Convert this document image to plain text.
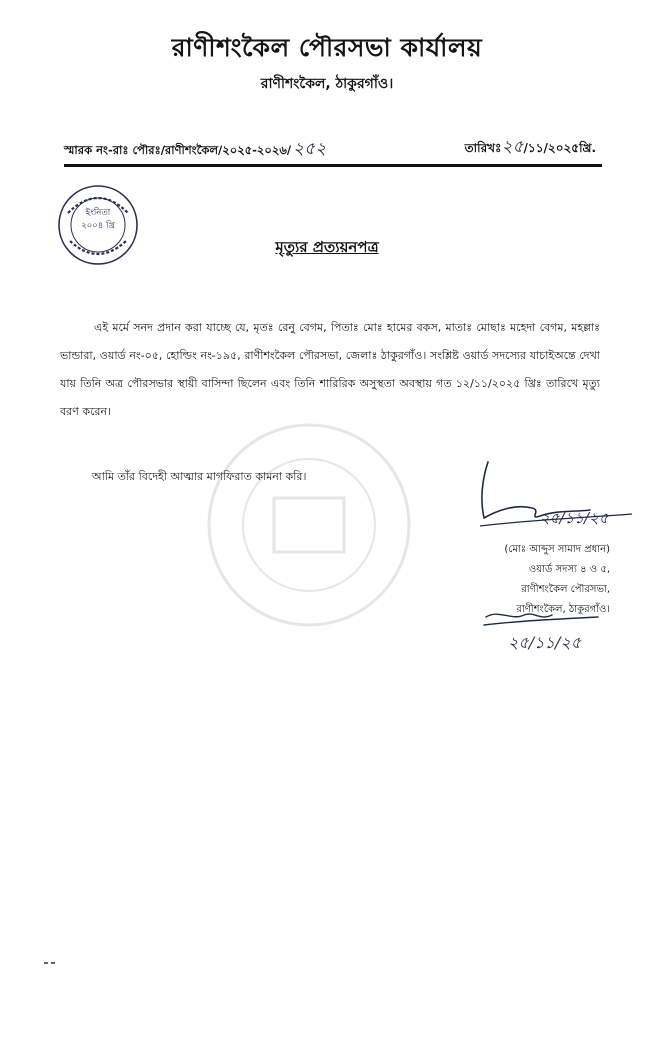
রাণীশংকৈল পৌরসভা কার্যালয়
রাণীশংকৈল, ঠাকুরগাঁও।
স্মারক নং-রাঃ পৌরঃ/রাণীশংকৈল/২০২৫-২০২৬/ ২৫২	তারিখঃ২৫/১১/২০২৫খ্রি.
ইংনিতা
২০০৪ খ্রি
মৃত্যুর প্রত্যয়নপত্র
এই মর্মে সনদ প্রদান করা যাচ্ছে যে, মৃতঃ রেনু বেগম, পিতাঃ মোঃ হামের বকস, মাতাঃ মোছাঃ মহেদা বেগম, মহল্লাঃ ভান্ডারা, ওয়ার্ড নং-০৫, হোল্ডিং নং-১৯৫, রাণীশংকৈল পৌরসভা, জেলাঃ ঠাকুরগাঁও। সংশ্লিষ্ট ওয়ার্ড সদস্যের যাচাইঅন্তে দেখা যায় তিনি অত্র পৌরসভার স্থায়ী বাসিন্দা ছিলেন এবং তিনি শারিরিক অসুস্থতা অবস্থায় গত ১২/১১/২০২৫ খ্রিঃ তারিখে মৃত্যু বরণ করেন।
আমি তাঁর বিদেহী আত্মার মাগফিরাত কামনা করি।
২৫/১১/২৫
(মোঃ আব্দুস সামাদ প্রধান)
ওয়ার্ড সদস্য ৪ ও ৫,
রাণীশংকৈল পৌরসভা,
রাণীশংকৈল, ঠাকুরগাঁও।
২৫/১১/২৫
